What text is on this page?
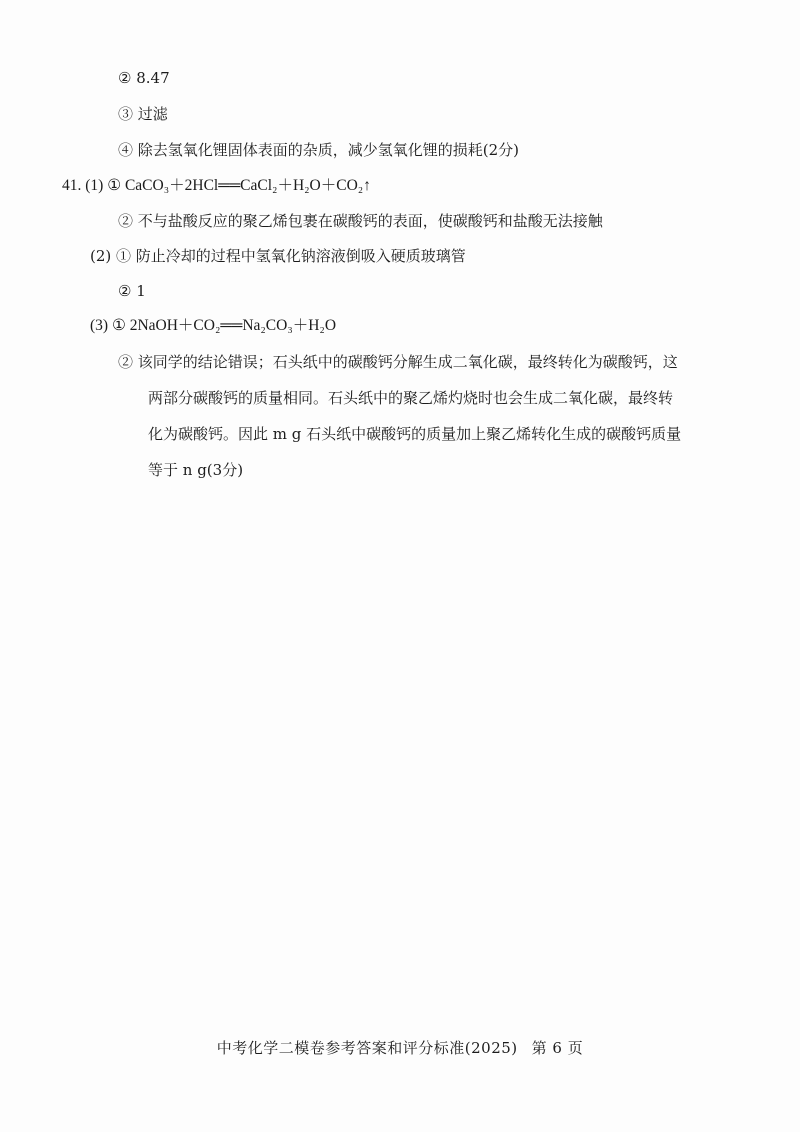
② 8.47
③ 过滤
④ 除去氢氧化锂固体表面的杂质，减少氢氧化锂的损耗(2分)
41. (1) ① CaCO₃＋2HCl══CaCl₂＋H₂O＋CO₂↑
② 不与盐酸反应的聚乙烯包裹在碳酸钙的表面，使碳酸钙和盐酸无法接触
(2) ① 防止冷却的过程中氢氧化钠溶液倒吸入硬质玻璃管
② 1
(3) ① 2NaOH＋CO₂══Na₂CO₃＋H₂O
② 该同学的结论错误；石头纸中的碳酸钙分解生成二氧化碳，最终转化为碳酸钙，这
两部分碳酸钙的质量相同。石头纸中的聚乙烯灼烧时也会生成二氧化碳，最终转
化为碳酸钙。因此 m g 石头纸中碳酸钙的质量加上聚乙烯转化生成的碳酸钙质量
等于 n g(3分)
中考化学二模卷参考答案和评分标准(2025) 第 6 页
